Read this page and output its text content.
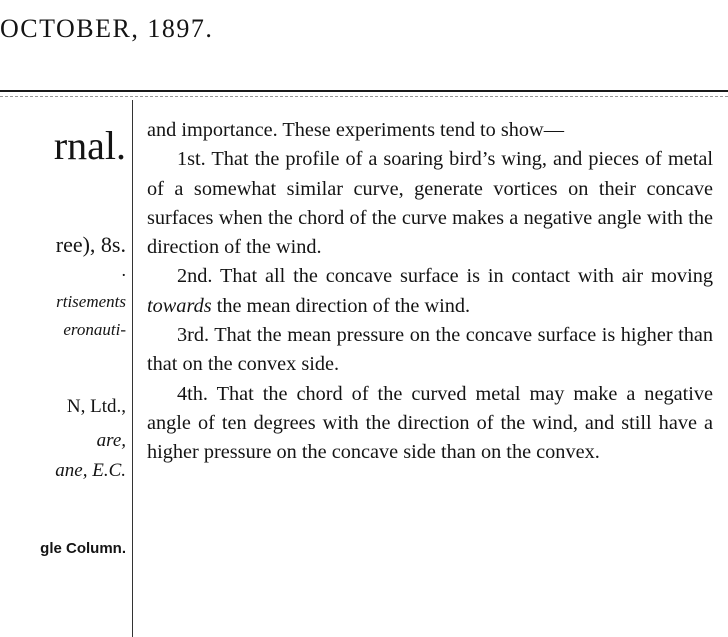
OCTOBER, 1897.
rnal.
ree), 8s.
.
rtisements
eronauti-
N, Ltd.,
are,
ane, E.C.
gle Column.

and importance. These experiments tend to show—

1st. That the profile of a soaring bird’s wing, and pieces of metal of a somewhat similar curve, generate vortices on their concave surfaces when the chord of the curve makes a negative angle with the direction of the wind.

2nd. That all the concave surface is in contact with air moving towards the mean direction of the wind.

3rd. That the mean pressure on the concave surface is higher than that on the convex side.

4th. That the chord of the curved metal may make a negative angle of ten degrees with the direction of the wind, and still have a higher pressure on the concave side than on the convex.
